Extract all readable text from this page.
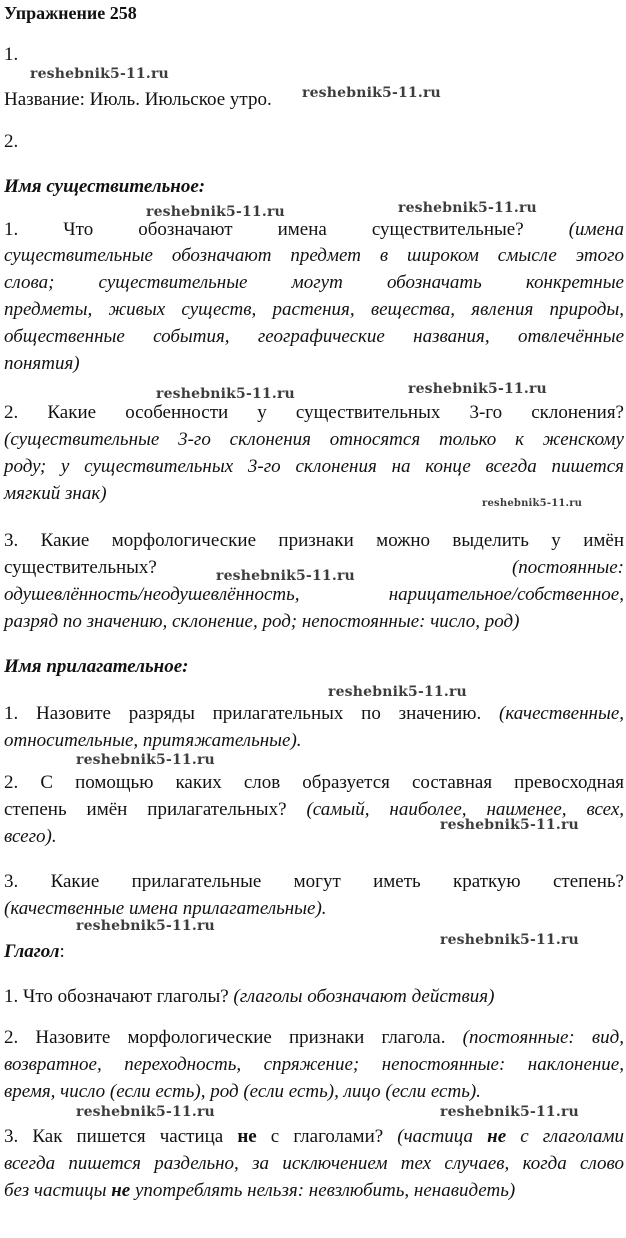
Упражнение 258
1.
Название: Июль. Июльское утро.
2.
Имя существительное:
1. Что обозначают имена существительные? (имена
существительные обозначают предмет в широком смысле этого
слова; существительные могут обозначать конкретные
предметы, живых существ, растения, вещества, явления природы,
общественные события, географические названия, отвлечённые
понятия)
2. Какие особенности у существительных 3-го склонения?
(существительные 3-го склонения относятся только к женскому
роду; у существительных 3-го склонения на конце всегда пишется
мягкий знак)
3. Какие морфологические признаки можно выделить у имён
существительных?	(постоянные:
одушевлённость/неодушевлённость, нарицательное/собственное,
разряд по значению, склонение, род; непостоянные: число, род)
Имя прилагательное:
1. Назовите разряды прилагательных по значению. (качественные,
относительные, притяжательные).
2. С помощью каких слов образуется составная превосходная
степень имён прилагательных? (самый, наиболее, наименее, всех,
всего).
3. Какие прилагательные могут иметь краткую степень?
(качественные имена прилагательные).
Глагол:
1. Что обозначают глаголы? (глаголы обозначают действия)
2. Назовите морфологические признаки глагола. (постоянные: вид,
возвратное, переходность, спряжение; непостоянные: наклонение,
время, число (если есть), род (если есть), лицо (если есть).
3. Как пишется частица не с глаголами? (частица не с глаголами
всегда пишется раздельно, за исключением тех случаев, когда слово
без частицы не употреблять нельзя: невзлюбить, ненавидеть)
reshebnik5-11.ru
reshebnik5-11.ru
reshebnik5-11.ru	reshebnik5-11.ru
reshebnik5-11.ru	reshebnik5-11.ru
reshebnik5-11.ru
reshebnik5-11.ru
reshebnik5-11.ru
reshebnik5-11.ru
reshebnik5-11.ru
reshebnik5-11.ru
reshebnik5-11.ru
reshebnik5-11.ru	reshebnik5-11.ru
